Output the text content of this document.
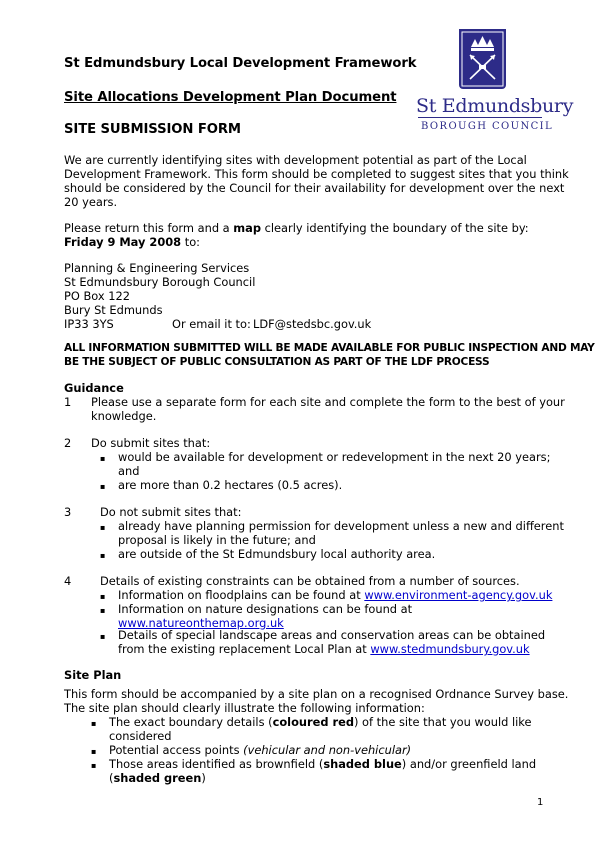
St Edmundsbury
BOROUGH COUNCIL
St Edmundsbury Local Development Framework
Site Allocations Development Plan Document
SITE SUBMISSION FORM
We are currently identifying sites with development potential as part of the Local
Development Framework. This form should be completed to suggest sites that you think
should be considered by the Council for their availability for development over the next
20 years.
Please return this form and a map clearly identifying the boundary of the site by:
Friday 9 May 2008 to:
Planning & Engineering Services
St Edmundsbury Borough Council
PO Box 122
Bury St Edmunds
IP33 3YS	Or email it to: LDF@stedsbc.gov.uk
ALL INFORMATION SUBMITTED WILL BE MADE AVAILABLE FOR PUBLIC INSPECTION AND MAY
BE THE SUBJECT OF PUBLIC CONSULTATION AS PART OF THE LDF PROCESS
Guidance
1 Please use a separate form for each site and complete the form to the best of your
knowledge.
2 Do submit sites that:
▪ would be available for development or redevelopment in the next 20 years;
and
▪ are more than 0.2 hectares (0.5 acres).
3	Do not submit sites that:
▪ already have planning permission for development unless a new and different
proposal is likely in the future; and
▪ are outside of the St Edmundsbury local authority area.
4	Details of existing constraints can be obtained from a number of sources.
▪ Information on floodplains can be found at www.environment-agency.gov.uk
▪ Information on nature designations can be found at
www.natureonthemap.org.uk
▪ Details of special landscape areas and conservation areas can be obtained
from the existing replacement Local Plan at www.stedmundsbury.gov.uk
Site Plan
This form should be accompanied by a site plan on a recognised Ordnance Survey base.
The site plan should clearly illustrate the following information:
▪ The exact boundary details (coloured red) of the site that you would like
considered
▪ Potential access points (vehicular and non-vehicular)
▪ Those areas identified as brownfield (shaded blue) and/or greenfield land
(shaded green)
1
